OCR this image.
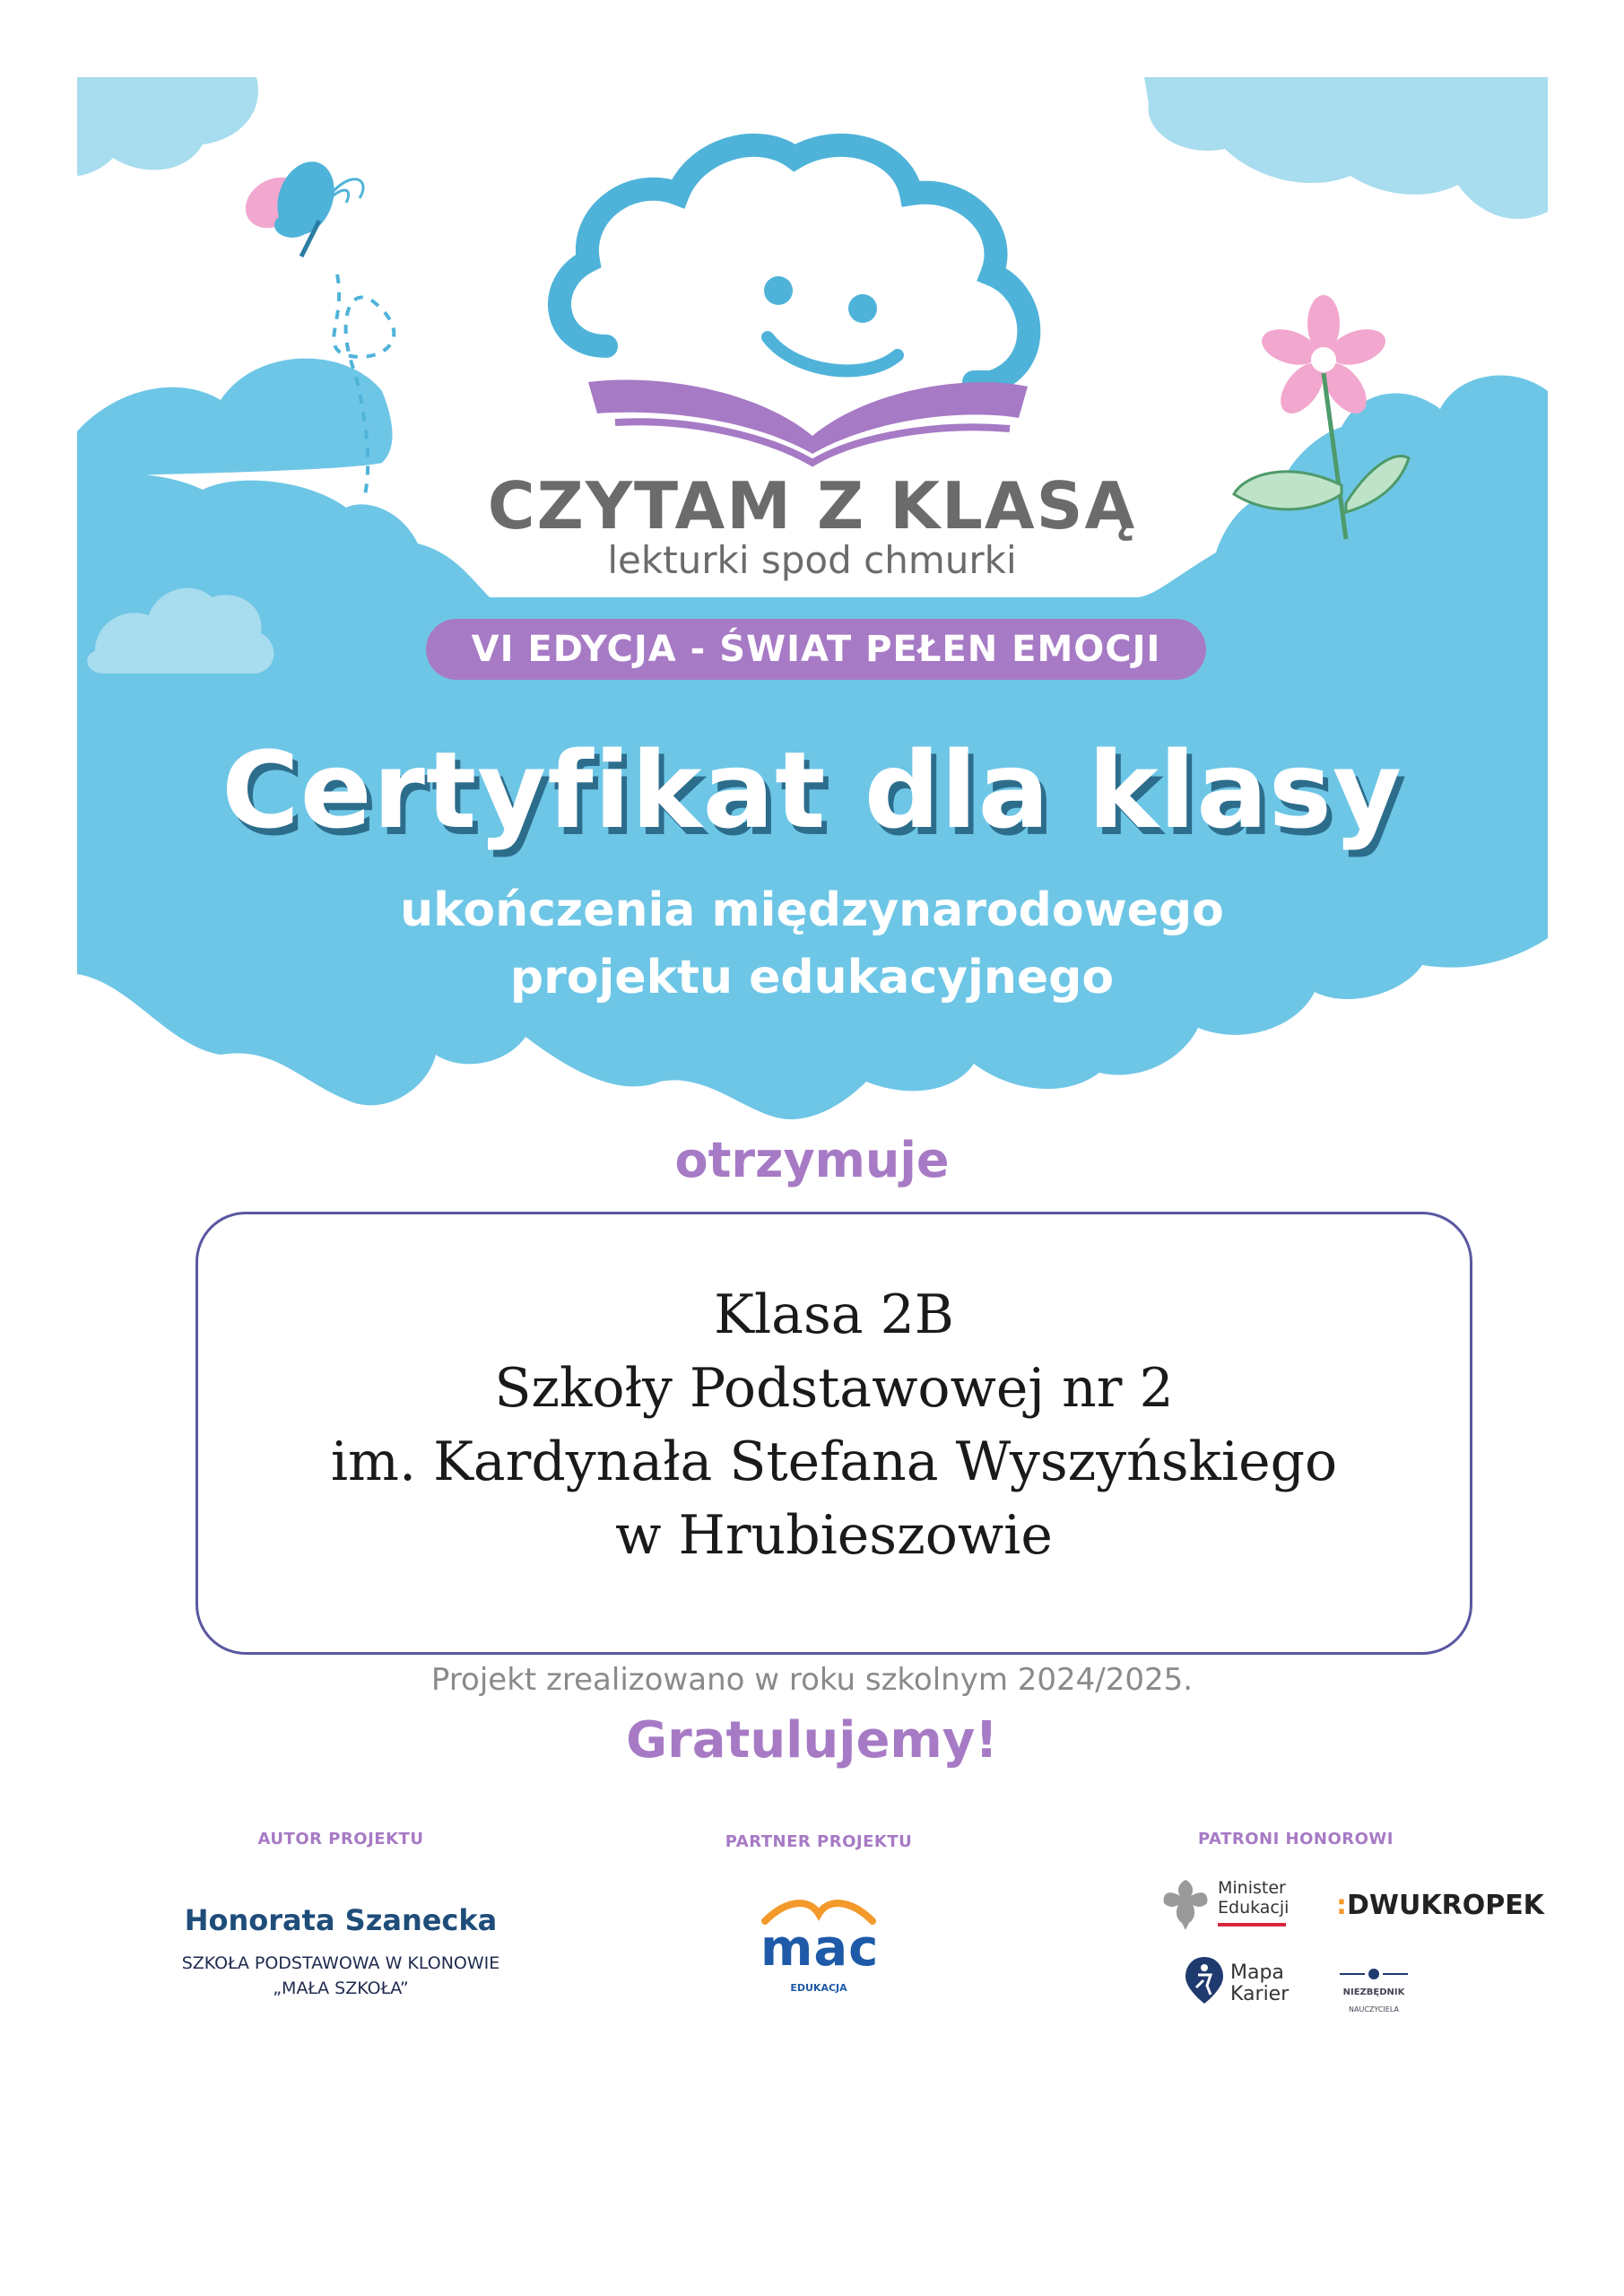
CZYTAM Z KLASĄ
lekturki spod chmurki
VI EDYCJA - ŚWIAT PEŁEN EMOCJI
Certyfikat dla klasy
ukończenia międzynarodowego
projektu edukacyjnego
otrzymuje
Klasa 2B
Szkoły Podstawowej nr 2
im. Kardynała Stefana Wyszyńskiego
w Hrubieszowie
Projekt zrealizowano w roku szkolnym 2024/2025.
Gratulujemy!
AUTOR PROJEKTU
Honorata Szanecka
SZKOŁA PODSTAWOWA W KLONOWIE
„MAŁA SZKOŁA”
PARTNER PROJEKTU
mac
EDUKACJA
PATRONI HONOROWI
Minister
Edukacji :DWUKROPEK
Mapa
Karier	NIEZBĘDNIK
NAUCZYCIELA
